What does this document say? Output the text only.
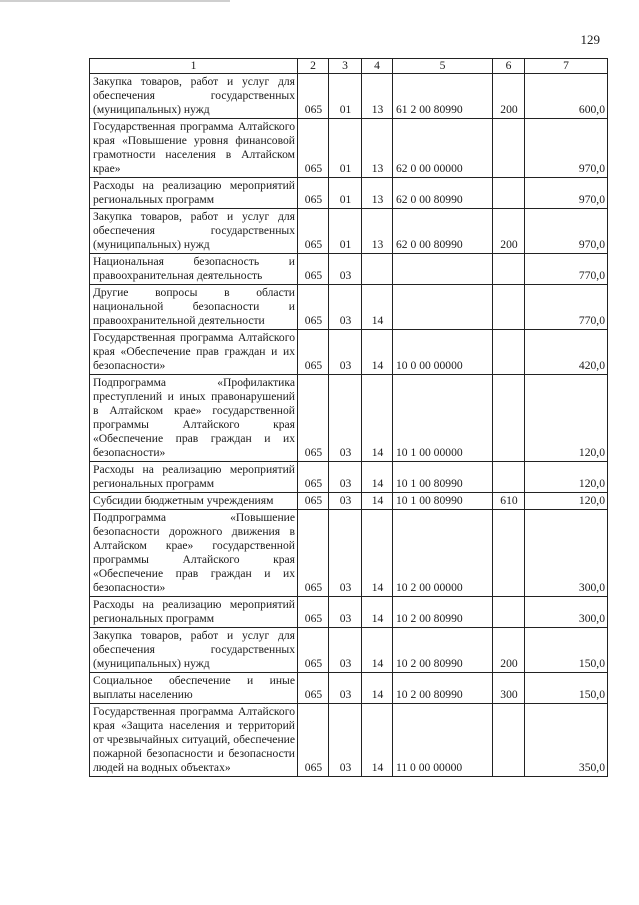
129
1	2	3	4	5	6	7
Закупка товаров, работ и услуг для обеспечения государственных (муниципальных) нужд	065	01	13	61 2 00 80990	200	600,0
Государственная программа Алтайского края «Повышение уровня финансовой грамотности населения в Алтайском крае»	065	01	13	62 0 00 00000		970,0
Расходы на реализацию мероприятий региональных программ	065	01	13	62 0 00 80990		970,0
Закупка товаров, работ и услуг для обеспечения государственных (муниципальных) нужд	065	01	13	62 0 00 80990	200	970,0
Национальная безопасность и правоохранительная деятельность	065	03				770,0
Другие вопросы в области национальной безопасности и правоохранительной деятельности	065	03	14			770,0
Государственная программа Алтайского края «Обеспечение прав граждан и их безопасности»	065	03	14	10 0 00 00000		420,0
Подпрограмма «Профилактика преступлений и иных правонарушений в Алтайском крае» государственной программы Алтайского края «Обеспечение прав граждан и их безопасности»	065	03	14	10 1 00 00000		120,0
Расходы на реализацию мероприятий региональных программ	065	03	14	10 1 00 80990		120,0
Субсидии бюджетным учреждениям	065	03	14	10 1 00 80990	610	120,0
Подпрограмма «Повышение безопасности дорожного движения в Алтайском крае» государственной программы Алтайского края «Обеспечение прав граждан и их безопасности»	065	03	14	10 2 00 00000		300,0
Расходы на реализацию мероприятий региональных программ	065	03	14	10 2 00 80990		300,0
Закупка товаров, работ и услуг для обеспечения государственных (муниципальных) нужд	065	03	14	10 2 00 80990	200	150,0
Социальное обеспечение и иные выплаты населению	065	03	14	10 2 00 80990	300	150,0
Государственная программа Алтайского края «Защита населения и территорий от чрезвычайных ситуаций, обеспечение пожарной безопасности и безопасности людей на водных объектах»	065	03	14	11 0 00 00000		350,0
